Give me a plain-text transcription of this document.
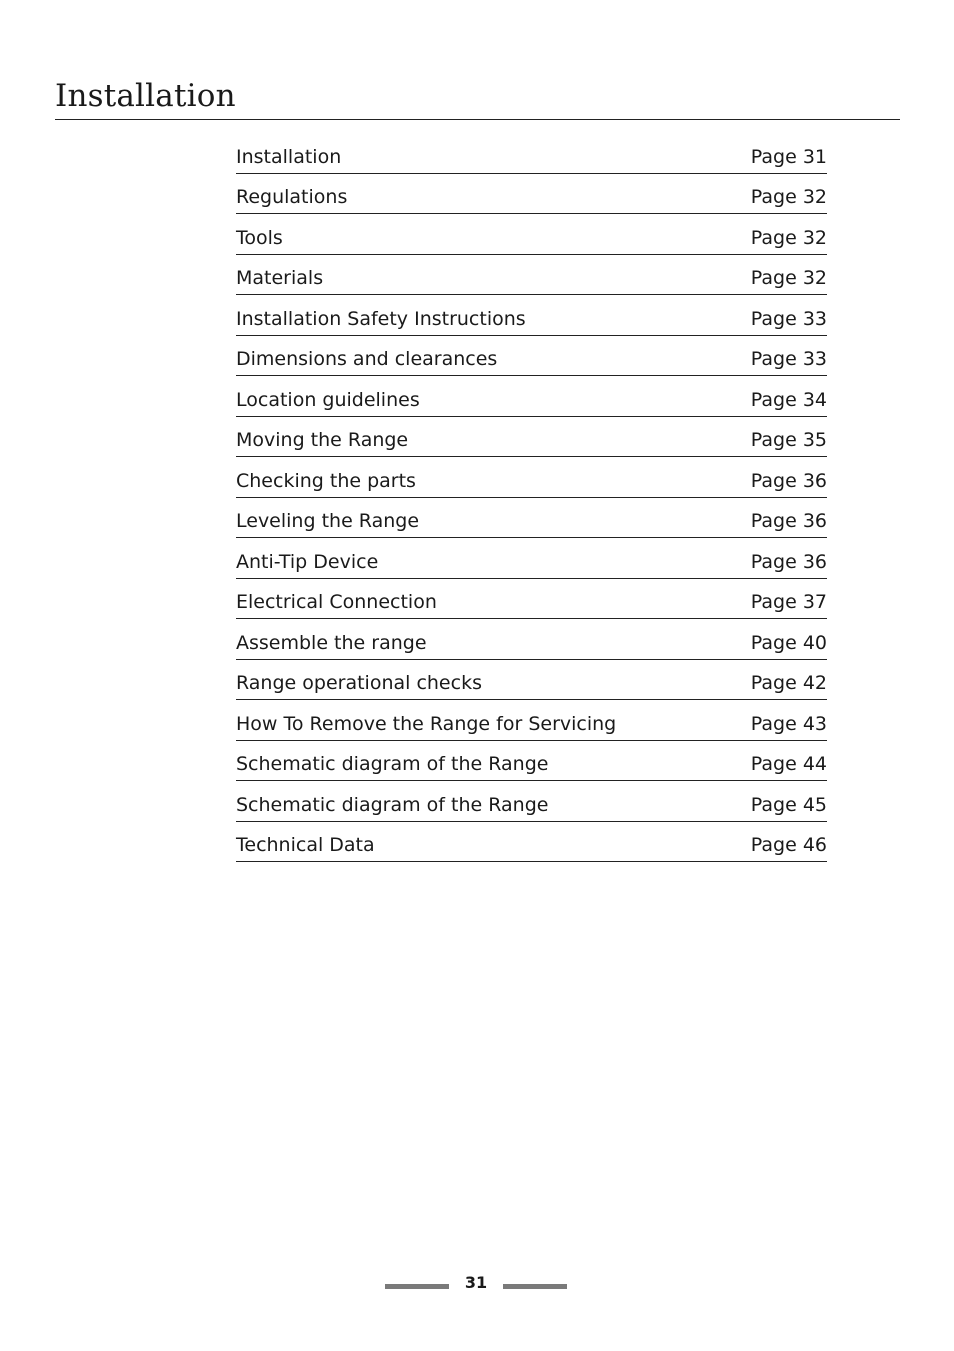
Installation
Installation	Page 31
Regulations	Page 32
Tools	Page 32
Materials	Page 32
Installation Safety Instructions	Page 33
Dimensions and clearances	Page 33
Location guidelines	Page 34
Moving the Range	Page 35
Checking the parts	Page 36
Leveling the Range	Page 36
Anti-Tip Device	Page 36
Electrical Connection	Page 37
Assemble the range	Page 40
Range operational checks	Page 42
How To Remove the Range for Servicing	Page 43
Schematic diagram of the Range	Page 44
Schematic diagram of the Range	Page 45
Technical Data	Page 46
31
